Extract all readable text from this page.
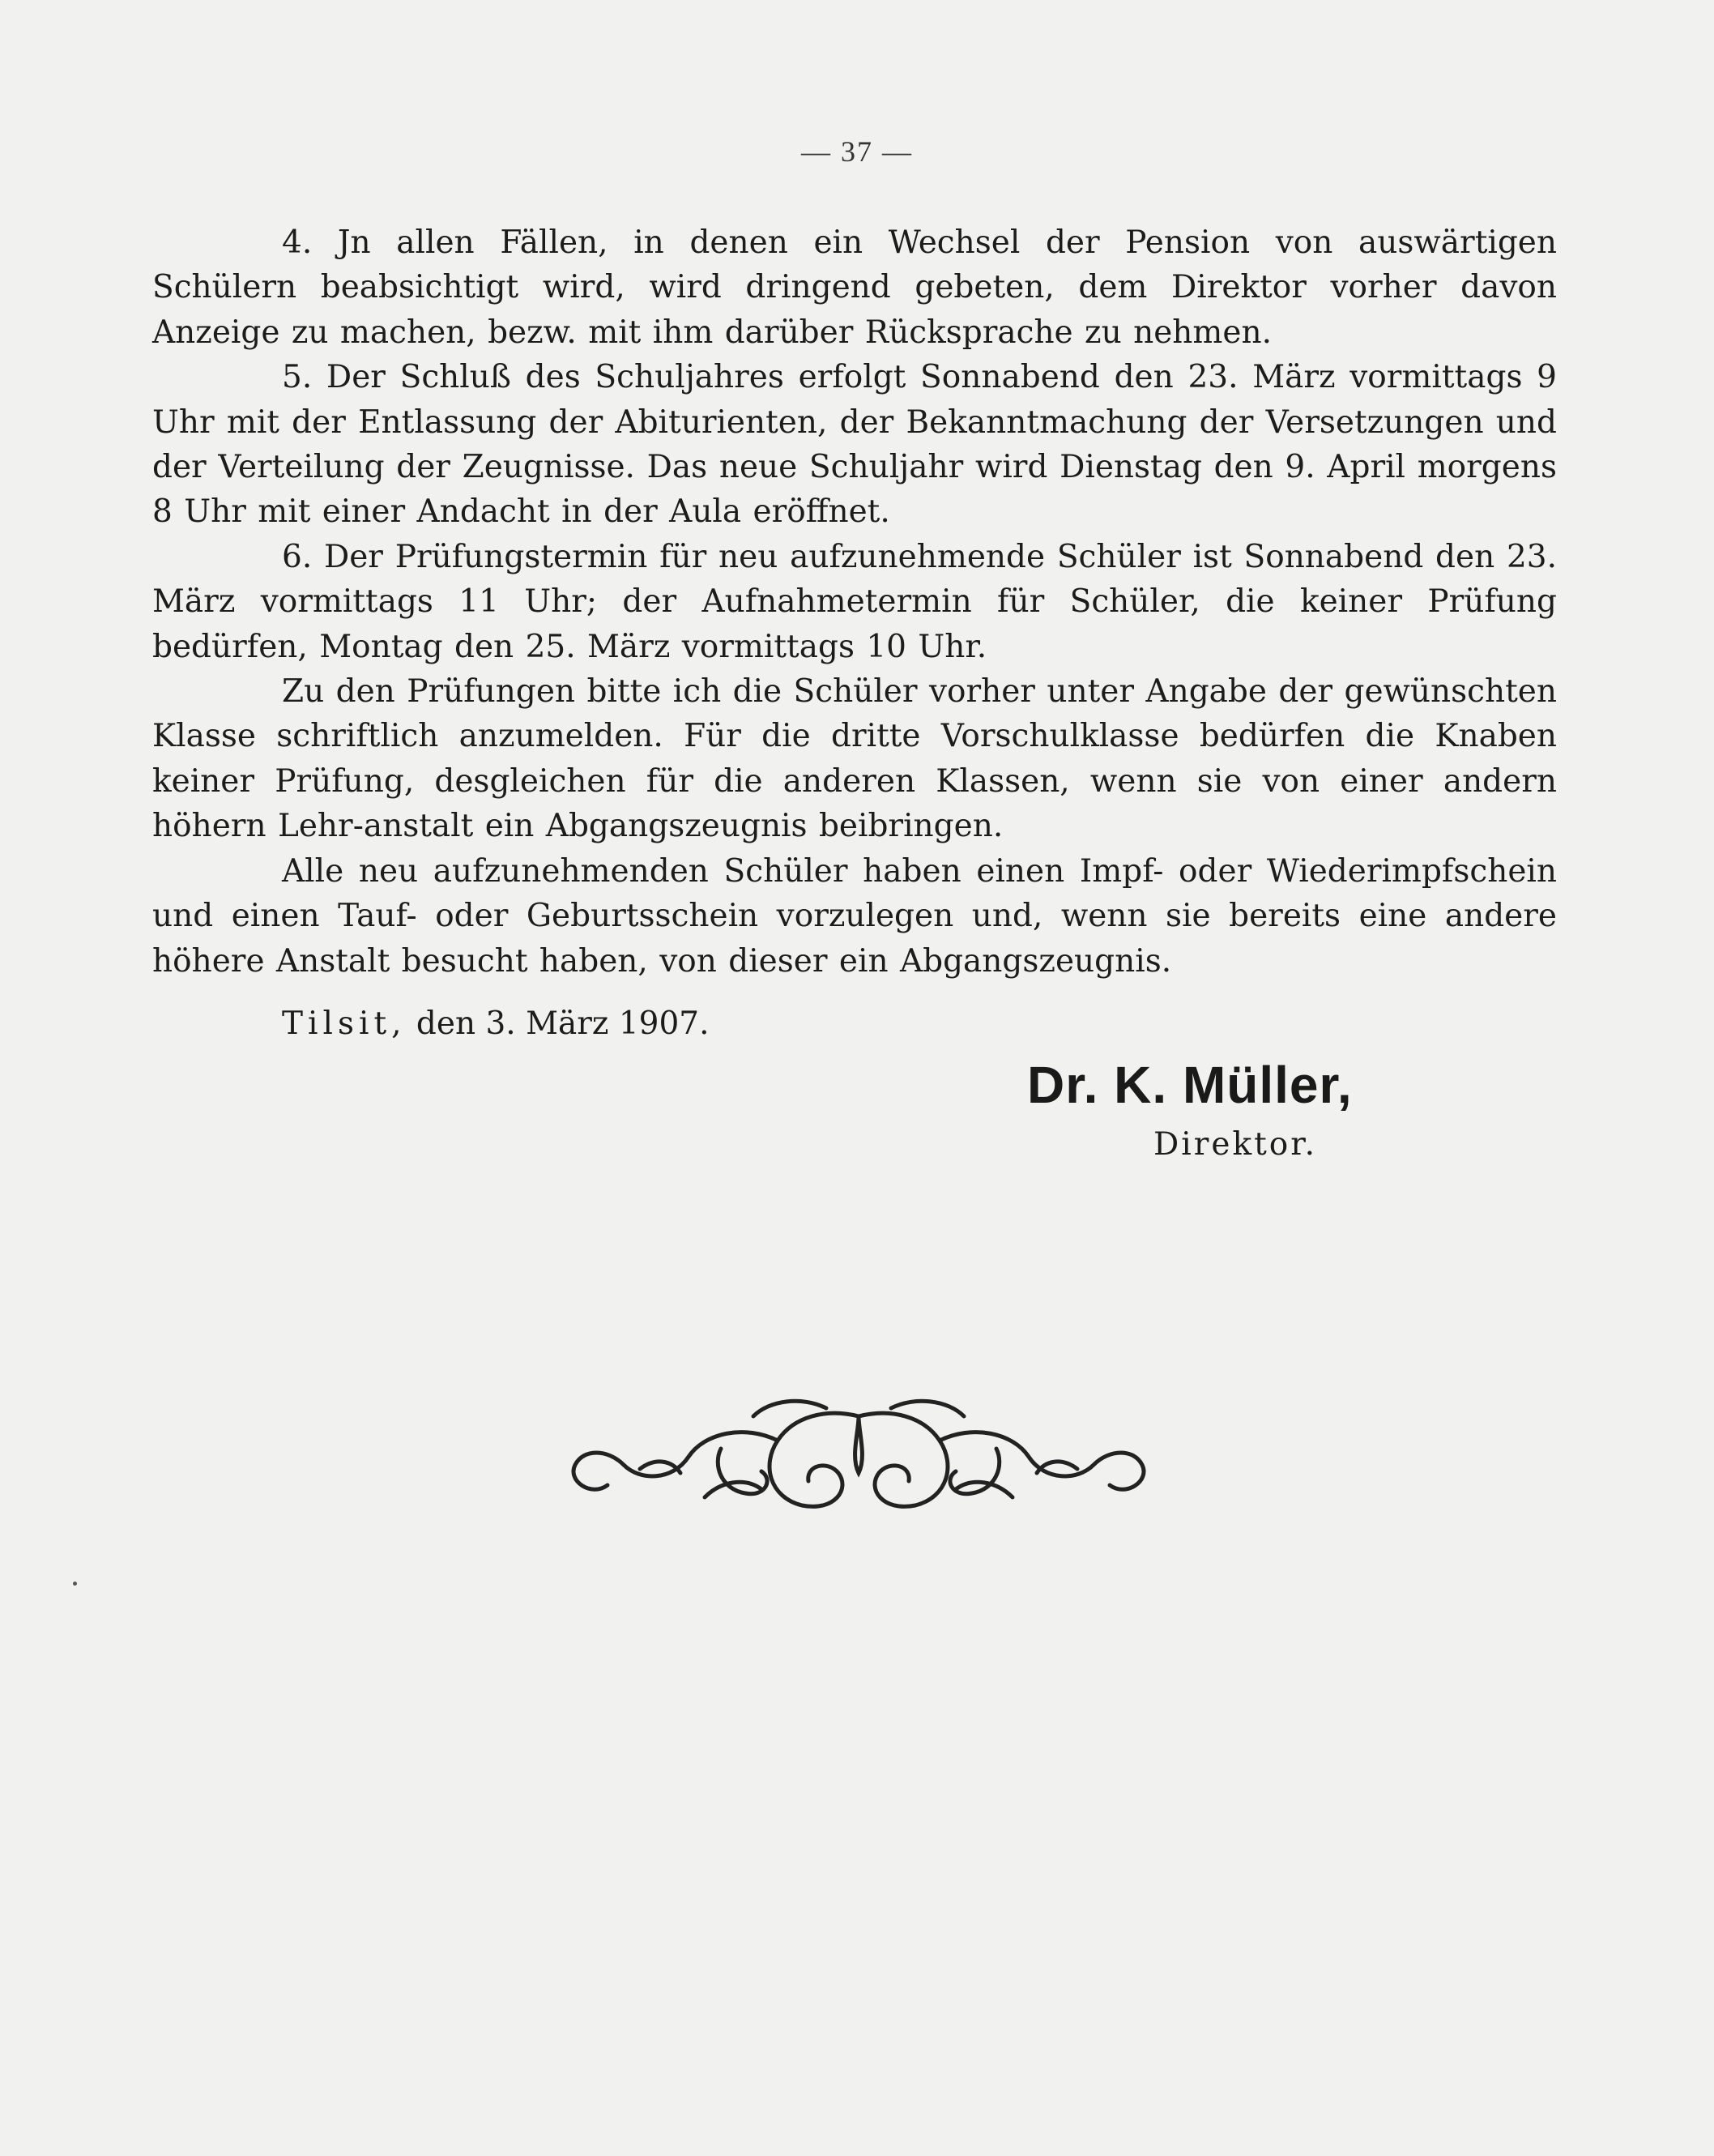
— 37 —

4. Jn allen Fällen, in denen ein Wechsel der Pension von auswärtigen Schülern beabsichtigt wird, wird dringend gebeten, dem Direktor vorher davon Anzeige zu machen, bezw. mit ihm darüber Rücksprache zu nehmen.

5. Der Schluß des Schuljahres erfolgt Sonnabend den 23. März vormittags 9 Uhr mit der Entlassung der Abiturienten, der Bekanntmachung der Versetzungen und der Verteilung der Zeugnisse. Das neue Schuljahr wird Dienstag den 9. April morgens 8 Uhr mit einer Andacht in der Aula eröffnet.

6. Der Prüfungstermin für neu aufzunehmende Schüler ist Sonnabend den 23. März vormittags 11 Uhr; der Aufnahmetermin für Schüler, die keiner Prüfung bedürfen, Montag den 25. März vormittags 10 Uhr.

Zu den Prüfungen bitte ich die Schüler vorher unter Angabe der gewünschten Klasse schriftlich anzumelden. Für die dritte Vorschulklasse bedürfen die Knaben keiner Prüfung, desgleichen für die anderen Klassen, wenn sie von einer andern höhern Lehr-anstalt ein Abgangszeugnis beibringen.

Alle neu aufzunehmenden Schüler haben einen Impf- oder Wiederimpfschein und einen Tauf- oder Geburtsschein vorzulegen und, wenn sie bereits eine andere höhere Anstalt besucht haben, von dieser ein Abgangszeugnis.

Tilsit, den 3. März 1907.

Dr. K. Müller,
Direktor.
